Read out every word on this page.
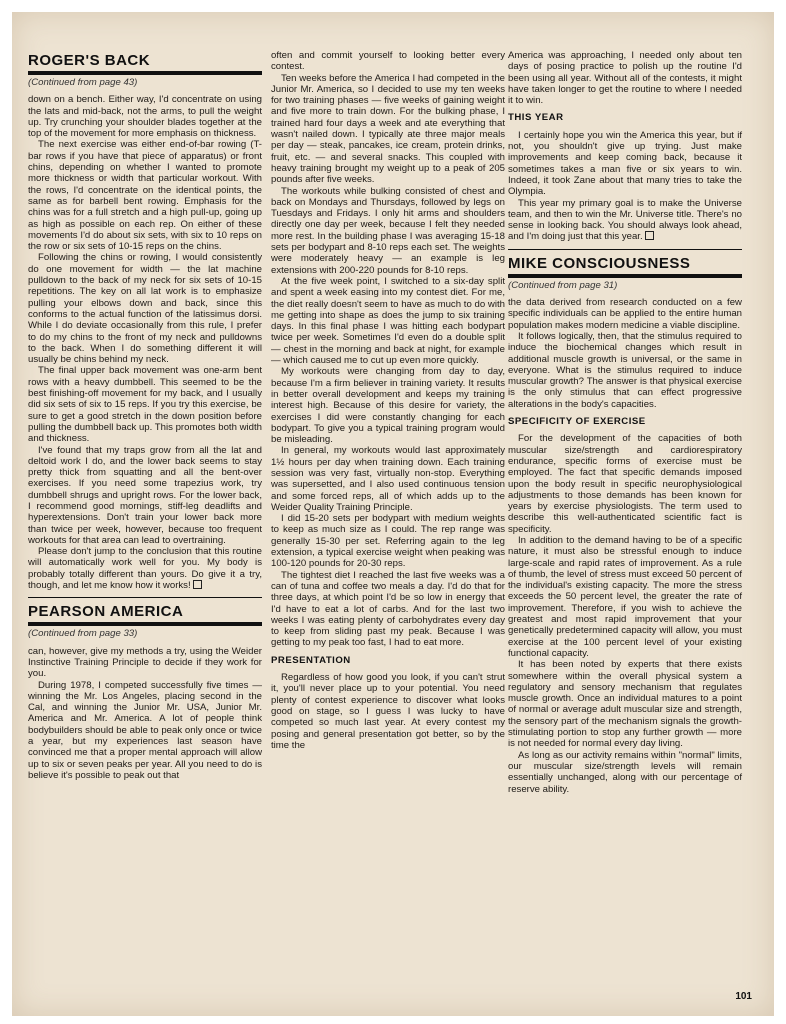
ROGER'S BACK
(Continued from page 43)

down on a bench. Either way, I'd concentrate on using the lats and mid-back, not the arms, to pull the weight up. Try crunching your shoulder blades together at the top of the movement for more emphasis on thickness.

The next exercise was either end-of-bar rowing (T-bar rows if you have that piece of apparatus) or front chins, depending on whether I wanted to promote more thickness or width that particular workout. With the rows, I'd concentrate on the identical points, the same as for barbell bent rowing. Emphasis for the chins was for a full stretch and a high pull-up, going up as high as possible on each rep. On either of these movements I'd do about six sets, with six to 10 reps on the row or six sets of 10-15 reps on the chins.

Following the chins or rowing, I would consistently do one movement for width — the lat machine pulldown to the back of my neck for six sets of 10-15 repetitions. The key on all lat work is to emphasize pulling your elbows down and back, since this conforms to the actual function of the latissimus dorsi. While I do deviate occasionally from this rule, I prefer to do my chins to the front of my neck and pulldowns to the back. When I do something different it will usually be chins behind my neck.

The final upper back movement was one-arm bent rows with a heavy dumbbell. This seemed to be the best finishing-off movement for my back, and I usually did six sets of six to 15 reps. If you try this exercise, be sure to get a good stretch in the down position before pulling the dumbbell back up. This promotes both width and thickness.

I've found that my traps grow from all the lat and deltoid work I do, and the lower back seems to stay pretty thick from squatting and all the bent-over exercises. If you need some trapezius work, try dumbbell shrugs and upright rows. For the lower back, I recommend good mornings, stiff-leg deadlifts and hyperextensions. Don't train your lower back more than twice per week, however, because too frequent workouts for that area can lead to overtraining.

Please don't jump to the conclusion that this routine will automatically work well for you. My body is probably totally different than yours. Do give it a try, though, and let me know how it works!

PEARSON AMERICA
(Continued from page 33)

can, however, give my methods a try, using the Weider Instinctive Training Principle to decide if they work for you.

During 1978, I competed successfully five times — winning the Mr. Los Angeles, placing second in the Cal, and winning the Junior Mr. USA, Junior Mr. America and Mr. America. A lot of people think bodybuilders should be able to peak only once or twice a year, but my experiences last season have convinced me that a proper mental approach will allow up to six or seven peaks per year. All you need to do is believe it's possible to peak out that

often and commit yourself to looking better every contest.

Ten weeks before the America I had competed in the Junior Mr. America, so I decided to use my ten weeks for two training phases — five weeks of gaining weight and five more to train down. For the bulking phase, I trained hard four days a week and ate everything that wasn't nailed down. I typically ate three major meals per day — steak, pancakes, ice cream, protein drinks, fruit, etc. — and several snacks. This coupled with heavy training brought my weight up to a peak of 205 pounds after five weeks.

The workouts while bulking consisted of chest and back on Mondays and Thursdays, followed by legs on Tuesdays and Fridays. I only hit arms and shoulders directly one day per week, because I felt they needed more rest. In the building phase I was averaging 15-18 sets per bodypart and 8-10 reps each set. The weights were moderately heavy — an example is leg extensions with 200-220 pounds for 8-10 reps.

At the five week point, I switched to a six-day split and spent a week easing into my contest diet. For me, the diet really doesn't seem to have as much to do with me getting into shape as does the jump to six training days. In this final phase I was hitting each bodypart twice per week. Sometimes I'd even do a double split — chest in the morning and back at night, for example — which caused me to cut up even more quickly.

My workouts were changing from day to day, because I'm a firm believer in training variety. It results in better overall development and keeps my training interest high. Because of this desire for variety, the exercises I did were constantly changing for each bodypart. To give you a typical training program would be misleading.

In general, my workouts would last approximately 1½ hours per day when training down. Each training session was very fast, virtually non-stop. Everything was supersetted, and I also used continuous tension and some forced reps, all of which adds up to the Weider Quality Training Principle.

I did 15-20 sets per bodypart with medium weights to keep as much size as I could. The rep range was generally 15-30 per set. Referring again to the leg extension, a typical exercise weight when peaking was 100-120 pounds for 20-30 reps.

The tightest diet I reached the last five weeks was a can of tuna and coffee two meals a day. I'd do that for three days, at which point I'd be so low in energy that I'd have to eat a lot of carbs. And for the last two weeks I was eating plenty of carbohydrates every day to keep from sliding past my peak. Because I was getting to my peak too fast, I had to eat more.

PRESENTATION

Regardless of how good you look, if you can't strut it, you'll never place up to your potential. You need plenty of contest experience to discover what looks good on stage, so I guess I was lucky to have competed so much last year. At every contest my posing and general presentation got better, so by the time the

America was approaching, I needed only about ten days of posing practice to polish up the routine I'd been using all year. Without all of the contests, it might have taken longer to get the routine to where I needed it to win.

THIS YEAR

I certainly hope you win the America this year, but if not, you shouldn't give up trying. Just make improvements and keep coming back, because it sometimes takes a man five or six years to win. Indeed, it took Zane about that many tries to take the Olympia.

This year my primary goal is to make the Universe team, and then to win the Mr. Universe title. There's no sense in looking back. You should always look ahead, and I'm doing just that this year.

MIKE CONSCIOUSNESS
(Continued from page 31)

the data derived from research conducted on a few specific individuals can be applied to the entire human population makes modern medicine a viable discipline.

It follows logically, then, that the stimulus required to induce the biochemical changes which result in additional muscle growth is universal, or the same in everyone. What is the stimulus required to induce muscular growth? The answer is that physical exercise is the only stimulus that can effect progressive alterations in the body's capacities.

SPECIFICITY OF EXERCISE

For the development of the capacities of both muscular size/strength and cardiorespiratory endurance, specific forms of exercise must be employed. The fact that specific demands imposed upon the body result in specific neurophysiological adjustments to those demands has been known for years by exercise physiologists. The term used to describe this well-authenticated scientific fact is specificity.

In addition to the demand having to be of a specific nature, it must also be stressful enough to induce large-scale and rapid rates of improvement. As a rule of thumb, the level of stress must exceed 50 percent of the individual's existing capacity. The more the stress exceeds the 50 percent level, the greater the rate of improvement. Therefore, if you wish to achieve the greatest and most rapid improvement that your genetically predetermined capacity will allow, you must exercise at the 100 percent level of your existing functional capacity.

It has been noted by experts that there exists somewhere within the overall physical system a regulatory and sensory mechanism that regulates muscle growth. Once an individual matures to a point of normal or average adult muscular size and strength, the sensory part of the mechanism signals the growth-stimulating portion to stop any further growth — more is not needed for normal every day living.

As long as our activity remains within "normal" limits, our muscular size/strength levels will remain essentially unchanged, along with our percentage of reserve ability.

101
